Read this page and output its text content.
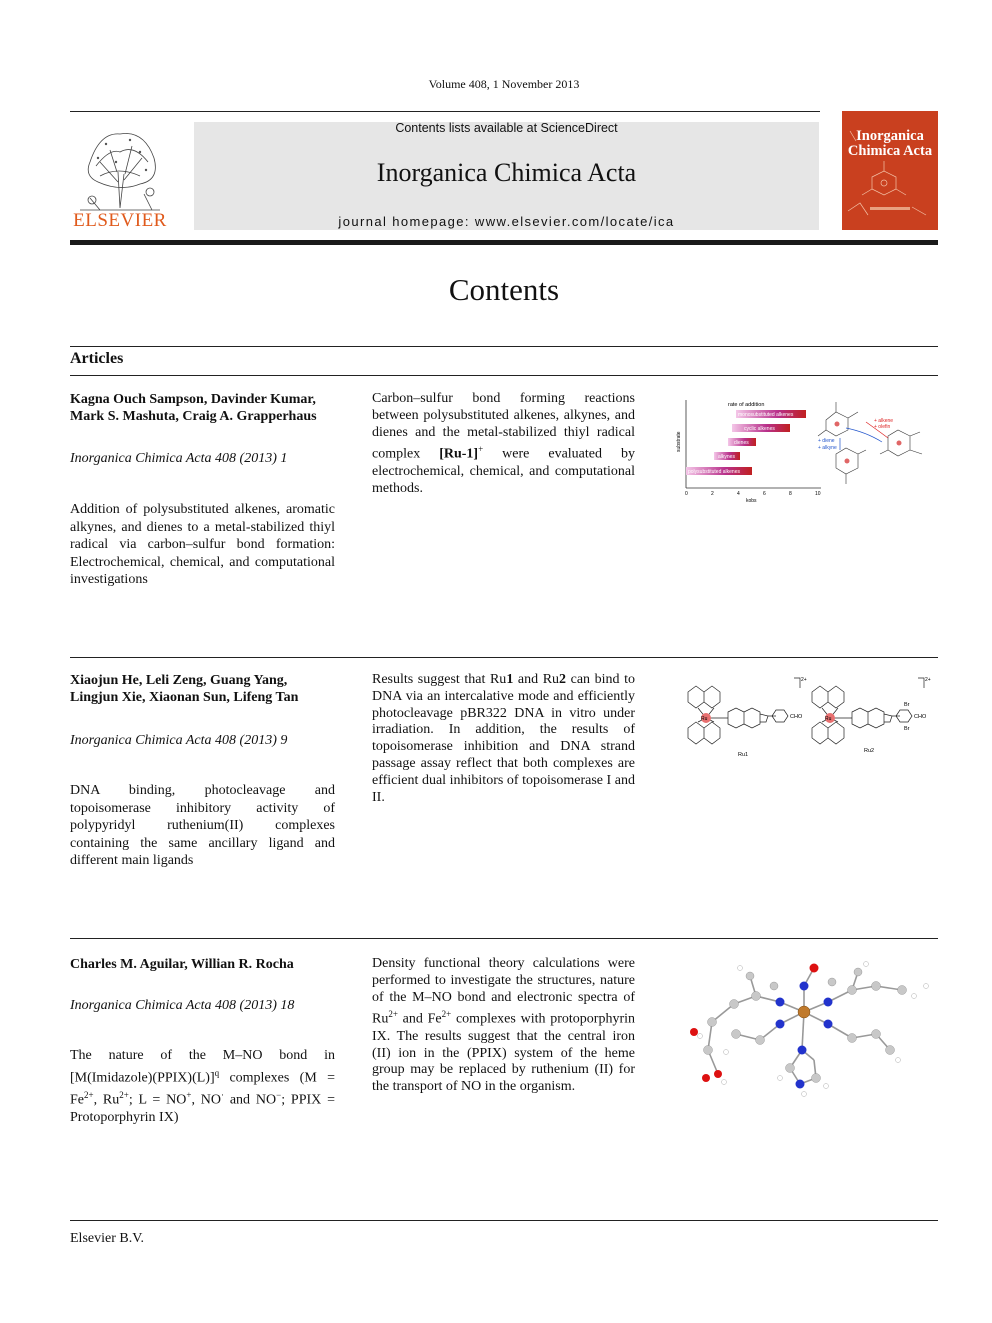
Volume 408, 1 November 2013
ELSEVIER
Contents lists available at ScienceDirect
Inorganica Chimica Acta
journal homepage: www.elsevier.com/locate/ica
Inorganica Chimica Acta
Contents
Articles
Kagna Ouch Sampson, Davinder Kumar, Mark S. Mashuta, Craig A. Grapperhaus
Inorganica Chimica Acta 408 (2013) 1
Addition of polysubstituted alkenes, aromatic alkynes, and dienes to a metal-stabilized thiyl radical via carbon–sulfur bond formation: Electrochemical, chemical, and computational investigations
Carbon–sulfur bond forming reactions between polysubstituted alkenes, alkynes, and dienes and the metal-stabilized thiyl radical complex [Ru-1]+ were evaluated by electrochemical, chemical, and computational methods.
substrate
rate of addition
monosubstituted alkenes
cyclic alkenes
dienes
alkynes
polysubstituted alkenes
0	2	4	6	8	10
kobs
+ diene
+ alkyne
+ alkene
+ olefin
Xiaojun He, Leli Zeng, Guang Yang, Lingjun Xie, Xiaonan Sun, Lifeng Tan
Inorganica Chimica Acta 408 (2013) 9
DNA binding, photocleavage and topoisomerase inhibitory activity of polypyridyl ruthenium(II) complexes containing the same ancillary ligand and different main ligands
Results suggest that Ru1 and Ru2 can bind to DNA via an intercalative mode and efficiently photocleavage pBR322 DNA in vitro under irradiation. In addition, the results of topoisomerase inhibition and DNA strand passage assay reflect that both complexes are efficient dual inhibitors of topoisomerase I and II.
Ru	Ru
CHO	CHO
Br
Br
2+	2+
Ru1
Ru2
Charles M. Aguilar, Willian R. Rocha
Inorganica Chimica Acta 408 (2013) 18
The nature of the M–NO bond in [M(Imidazole)(PPIX)(L)]$^q$ complexes ($M = Fe^{2+}$, $Ru^{2+}$; L = NO+, NO· and NO−; PPIX = Protoporphyrin IX)
Density functional theory calculations were performed to investigate the structures, nature of the M–NO bond and electronic spectra of $Ru^{2+}$ and $Fe^{2+}$ complexes with protoporphyrin IX. The results suggest that the central iron (II) ion in the (PPIX) system of the heme group may be replaced by ruthenium (II) for the transport of NO in the organism.
Elsevier B.V.
